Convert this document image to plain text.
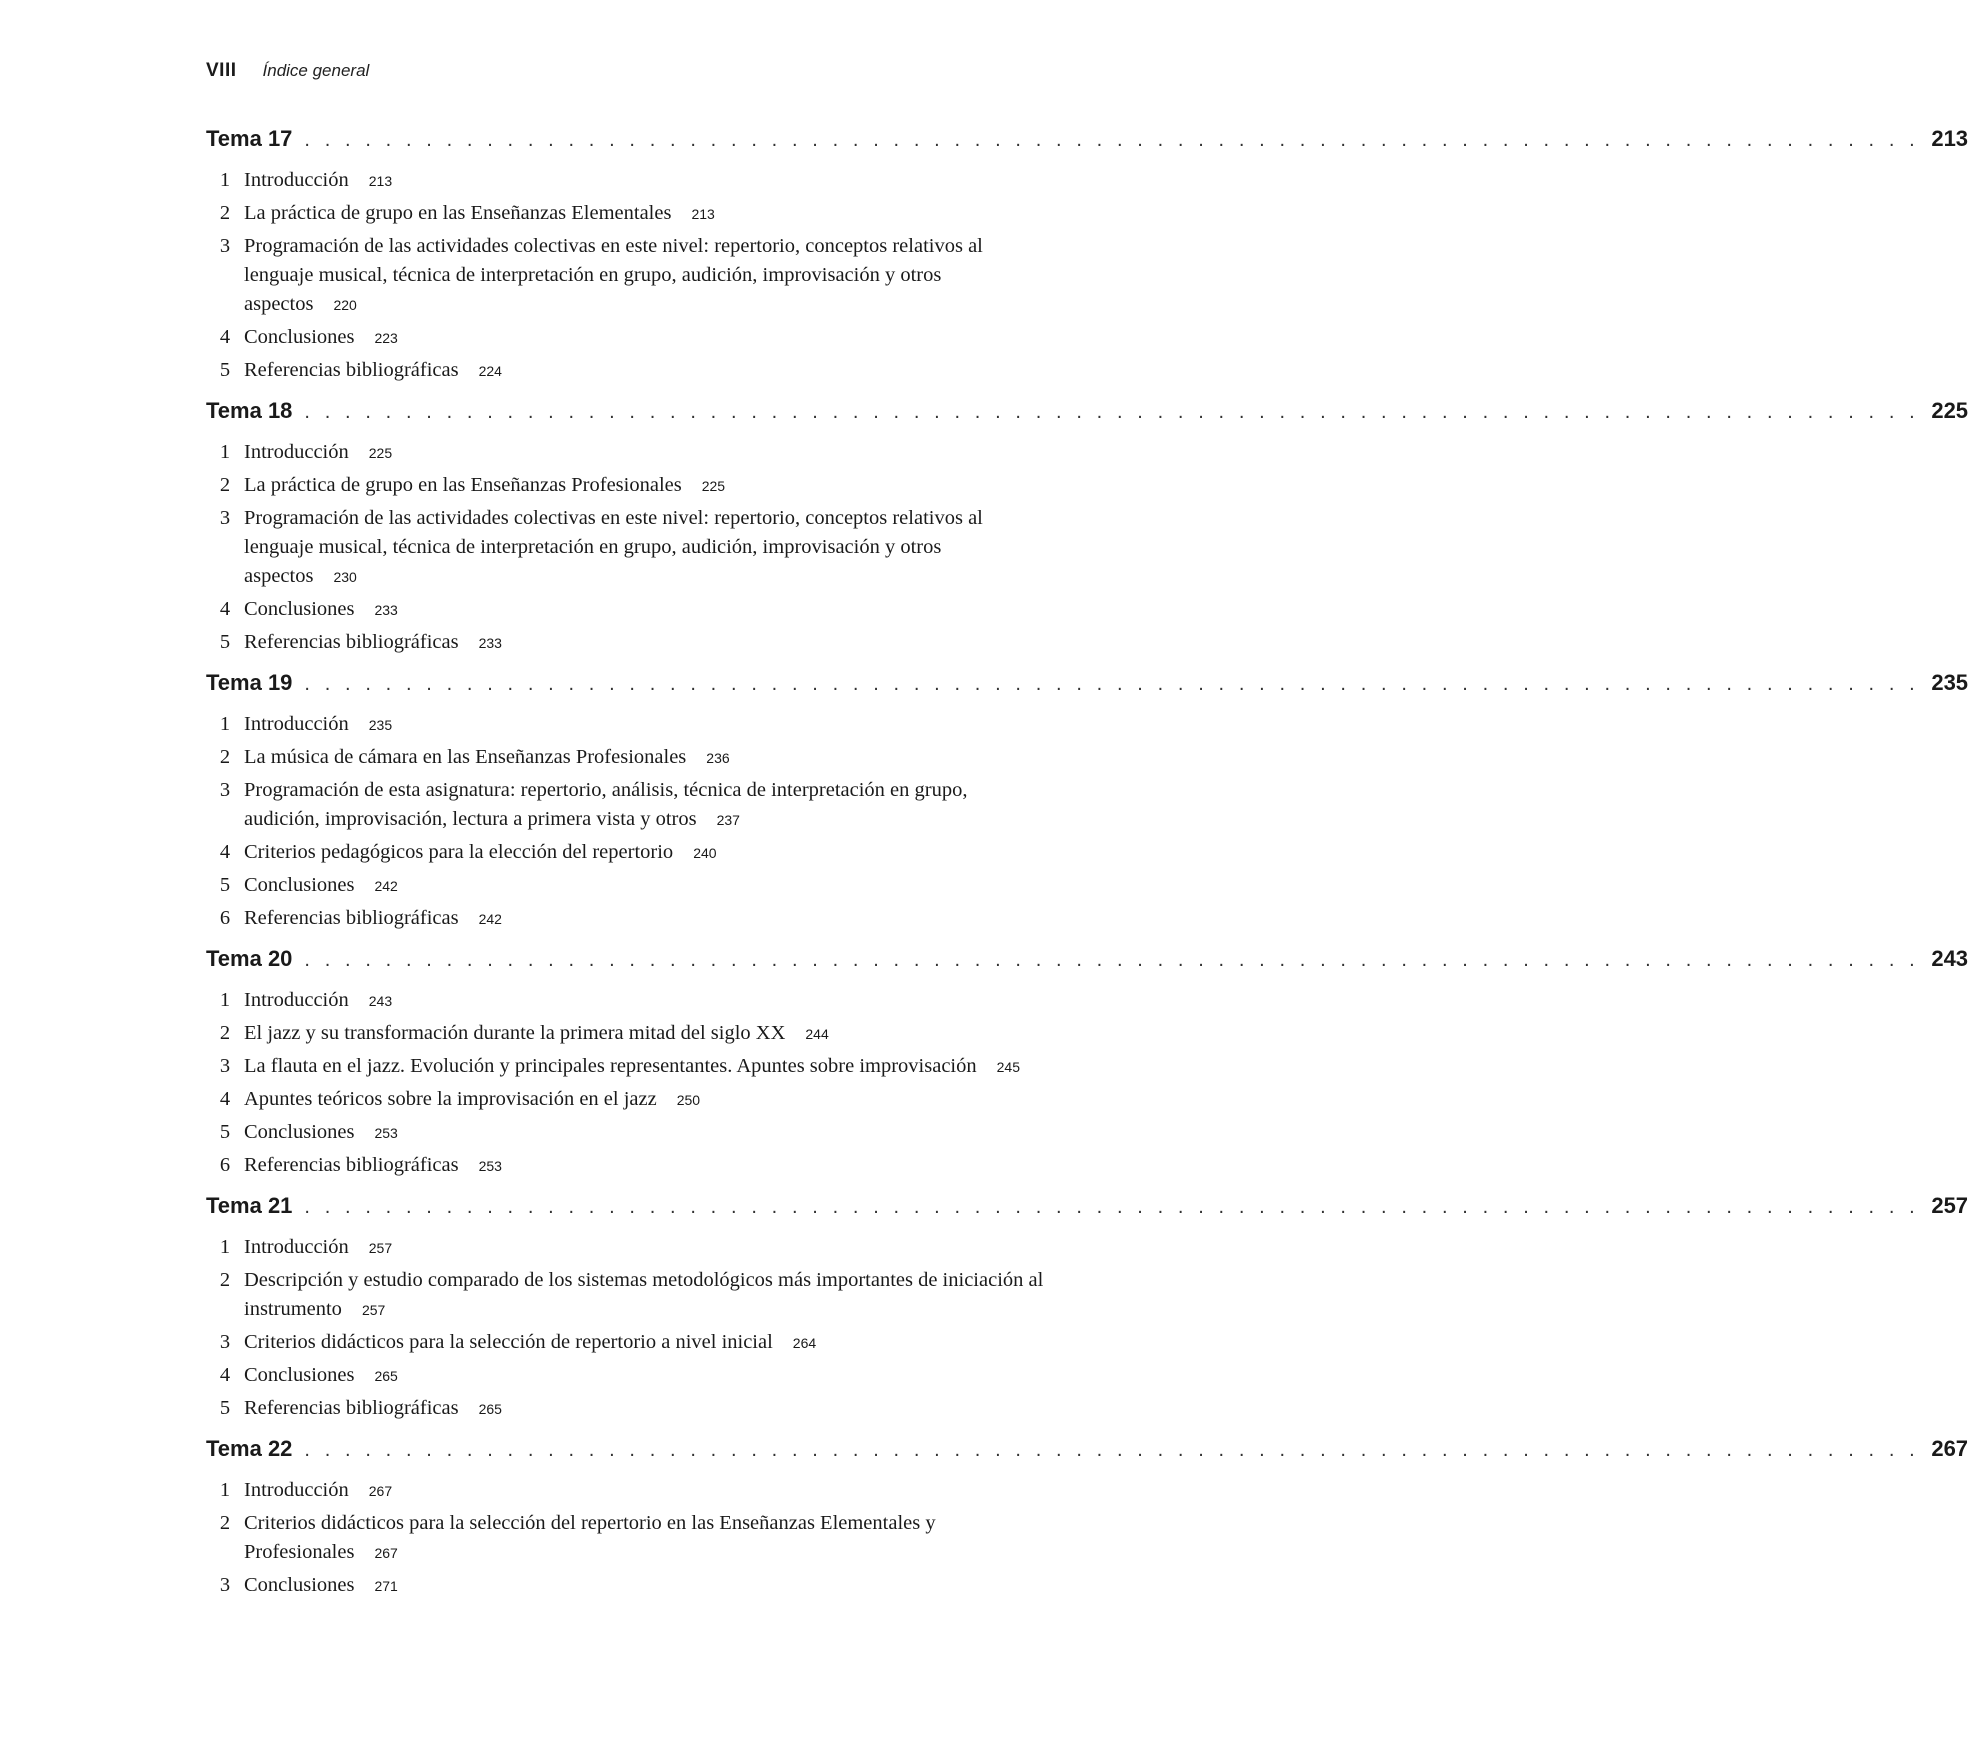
VIII Índice general
Tema 17 . . . . . . . . . . . . . . . . . . . . . . . . . . . . . . . . . . . . . . . . . . . . . . . . . . . . . . . . . . . . . . . . . . . . . . . . . . . . . . . . 213
1 Introducción 213
2 La práctica de grupo en las Enseñanzas Elementales 213
3 Programación de las actividades colectivas en este nivel: repertorio, conceptos relativos al lenguaje musical, técnica de interpretación en grupo, audición, improvisación y otros aspectos 220
4 Conclusiones 223
5 Referencias bibliográficas 224
Tema 18 . . . . . . . . . . . . . . . . . . . . . . . . . . . . . . . . . . . . . . . . . . . . . . . . . . . . . . . . . . . . . . . . . . . . . . . . . . . . . . . . 225
1 Introducción 225
2 La práctica de grupo en las Enseñanzas Profesionales 225
3 Programación de las actividades colectivas en este nivel: repertorio, conceptos relativos al lenguaje musical, técnica de interpretación en grupo, audición, improvisación y otros aspectos 230
4 Conclusiones 233
5 Referencias bibliográficas 233
Tema 19 . . . . . . . . . . . . . . . . . . . . . . . . . . . . . . . . . . . . . . . . . . . . . . . . . . . . . . . . . . . . . . . . . . . . . . . . . . . . . . . . 235
1 Introducción 235
2 La música de cámara en las Enseñanzas Profesionales 236
3 Programación de esta asignatura: repertorio, análisis, técnica de interpretación en grupo, audición, improvisación, lectura a primera vista y otros 237
4 Criterios pedagógicos para la elección del repertorio 240
5 Conclusiones 242
6 Referencias bibliográficas 242
Tema 20 . . . . . . . . . . . . . . . . . . . . . . . . . . . . . . . . . . . . . . . . . . . . . . . . . . . . . . . . . . . . . . . . . . . . . . . . . . . . . . . . 243
1 Introducción 243
2 El jazz y su transformación durante la primera mitad del siglo XX 244
3 La flauta en el jazz. Evolución y principales representantes. Apuntes sobre improvisación 245
4 Apuntes teóricos sobre la improvisación en el jazz 250
5 Conclusiones 253
6 Referencias bibliográficas 253
Tema 21 . . . . . . . . . . . . . . . . . . . . . . . . . . . . . . . . . . . . . . . . . . . . . . . . . . . . . . . . . . . . . . . . . . . . . . . . . . . . . . . . 257
1 Introducción 257
2 Descripción y estudio comparado de los sistemas metodológicos más importantes de iniciación al instrumento 257
3 Criterios didácticos para la selección de repertorio a nivel inicial 264
4 Conclusiones 265
5 Referencias bibliográficas 265
Tema 22 . . . . . . . . . . . . . . . . . . . . . . . . . . . . . . . . . . . . . . . . . . . . . . . . . . . . . . . . . . . . . . . . . . . . . . . . . . . . . . . . 267
1 Introducción 267
2 Criterios didácticos para la selección del repertorio en las Enseñanzas Elementales y Profesionales 267
3 Conclusiones 271
